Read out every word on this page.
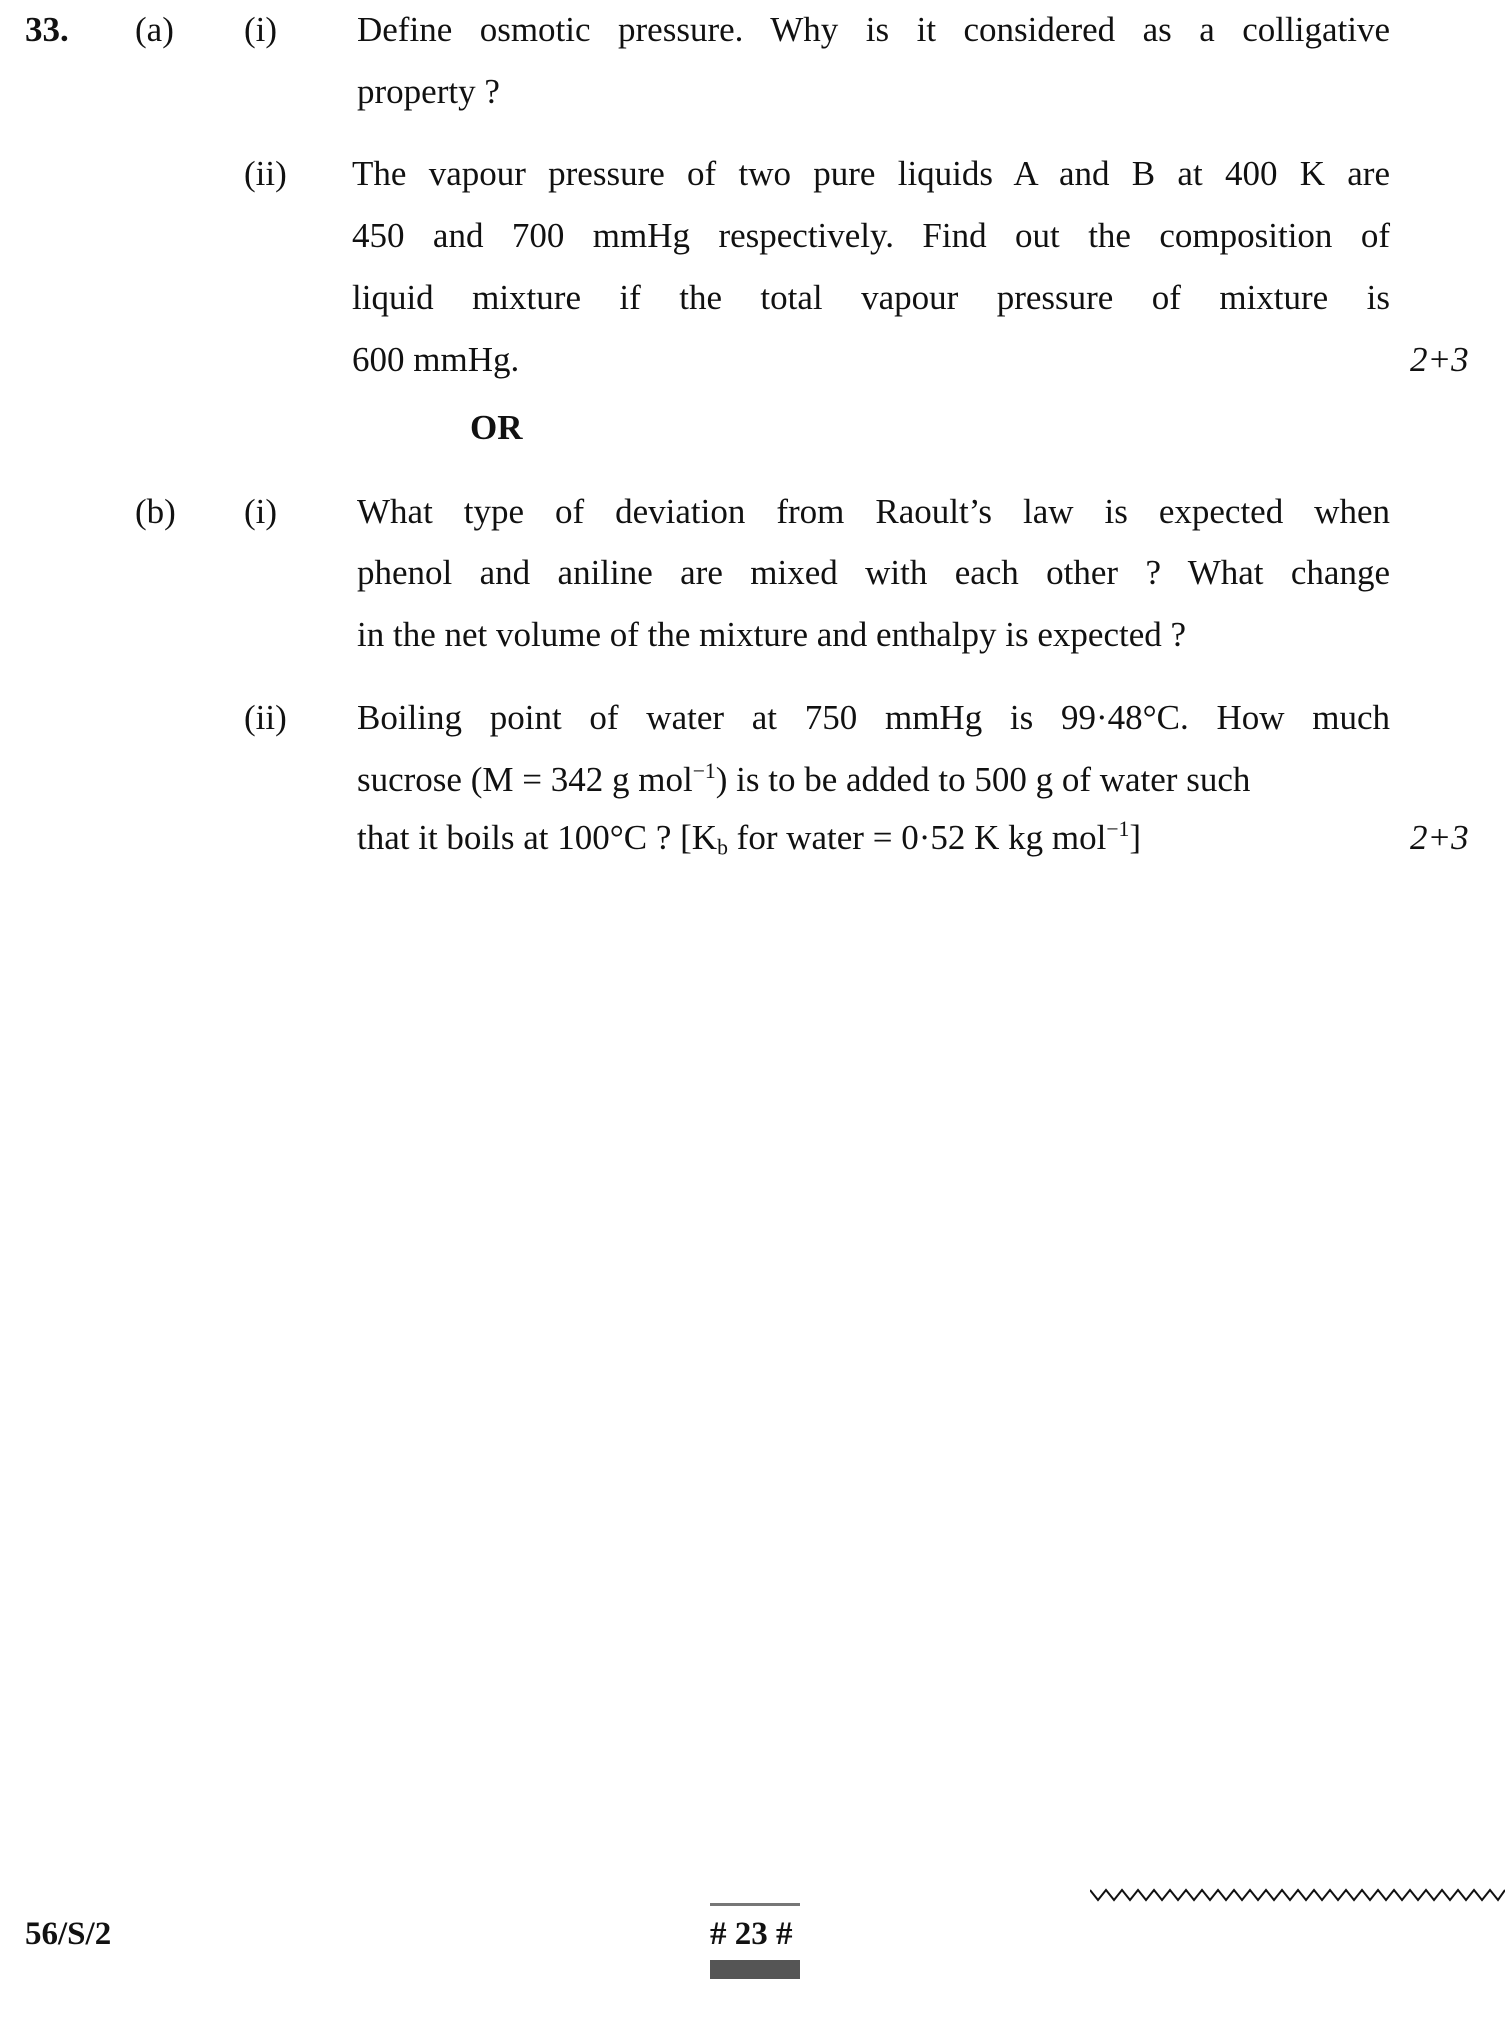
33. (a) (i) Define osmotic pressure. Why is it considered as a colligative
property ?
(ii) The vapour pressure of two pure liquids A and B at 400 K are
450 and 700 mmHg respectively. Find out the composition of
liquid mixture if the total vapour pressure of mixture is
600 mmHg.	2+3
OR
(b) (i) What type of deviation from Raoult’s law is expected when
phenol and aniline are mixed with each other ? What change
in the net volume of the mixture and enthalpy is expected ?
(ii) Boiling point of water at 750 mmHg is 99·48°C. How much
sucrose (M = 342 g mol$^{-1}$) is to be added to 500 g of water such
that it boils at 100°C ? [$K_b$ for water = 0·52 K kg mol$^{-1}$]	2+3
56/S/2	# 23 #
